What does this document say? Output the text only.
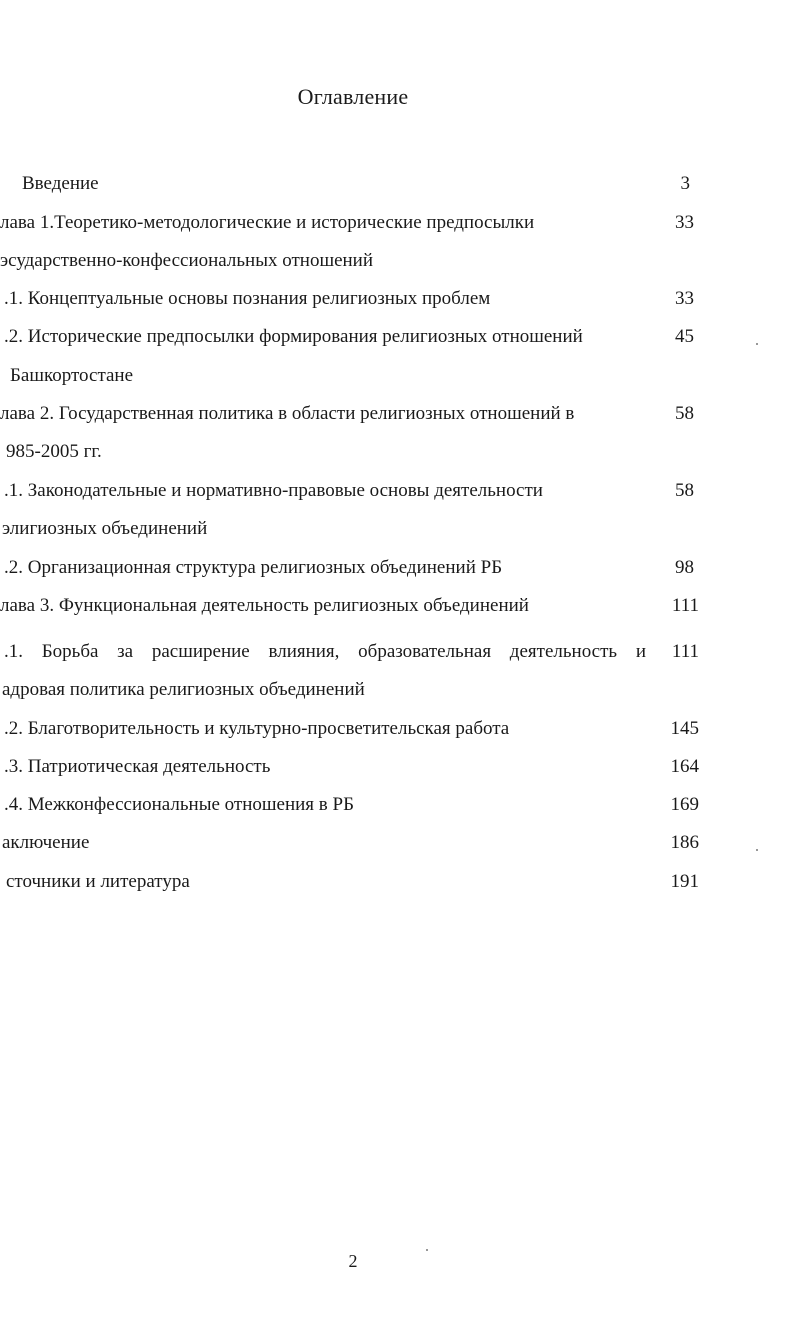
Оглавление
Введение	3
лава 1.Теоретико-методологические и исторические предпосылки	33
эсударственно-конфессиональных отношений
.1. Концептуальные основы познания религиозных проблем	33
.2. Исторические предпосылки формирования религиозных отношений	45
Башкортостане
лава 2. Государственная политика в области религиозных отношений в	58
985-2005 гг.
.1. Законодательные и нормативно-правовые основы деятельности	58
элигиозных объединений
.2. Организационная структура религиозных объединений РБ	98
лава 3. Функциональная деятельность религиозных объединений	111
.1. Борьба за расширение влияния, образовательная деятельность и	111
адровая политика религиозных объединений
.2. Благотворительность и культурно-просветительская работа	145
.3. Патриотическая деятельность	164
.4. Межконфессиональные отношения в РБ	169
аключение	186
сточники и литература	191
2
